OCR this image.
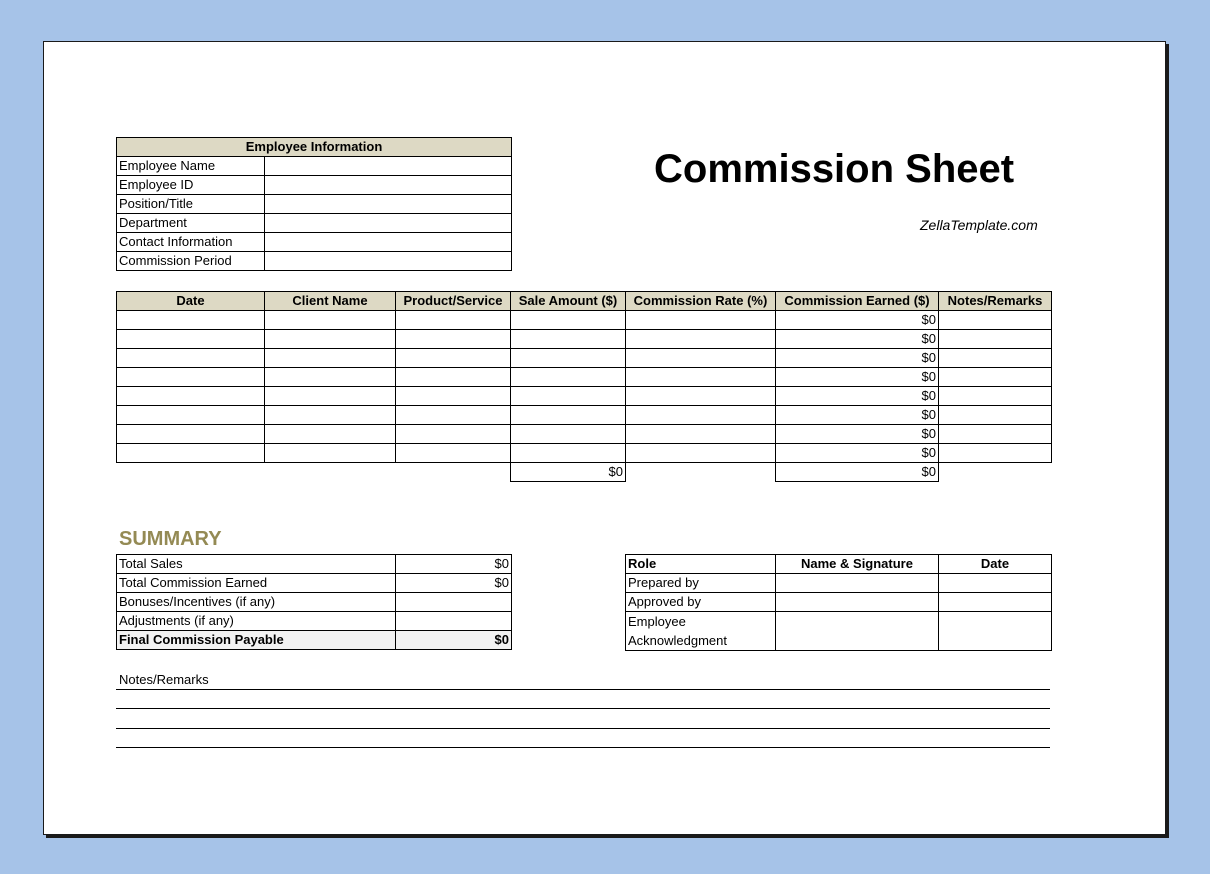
Employee Information	
Employee Name	
Employee ID	
Position/Title	
Department	
Contact Information	
Commission Period	
Commission Sheet
ZellaTemplate.com
Date	Client Name	Product/Service	Sale Amount ($)	Commission Rate (%)	Commission Earned ($)	Notes/Remarks
					$0	
					$0	
					$0	
					$0	
					$0	
					$0	
					$0	
					$0	
			$0		$0	
SUMMARY
Total Sales	$0
Total Commission Earned	$0
Bonuses/Incentives (if any)	
Adjustments (if any)	
Final Commission Payable	$0
Role	Name & Signature	Date
Prepared by		
Approved by		
Employee Acknowledgment		
Notes/Remarks
